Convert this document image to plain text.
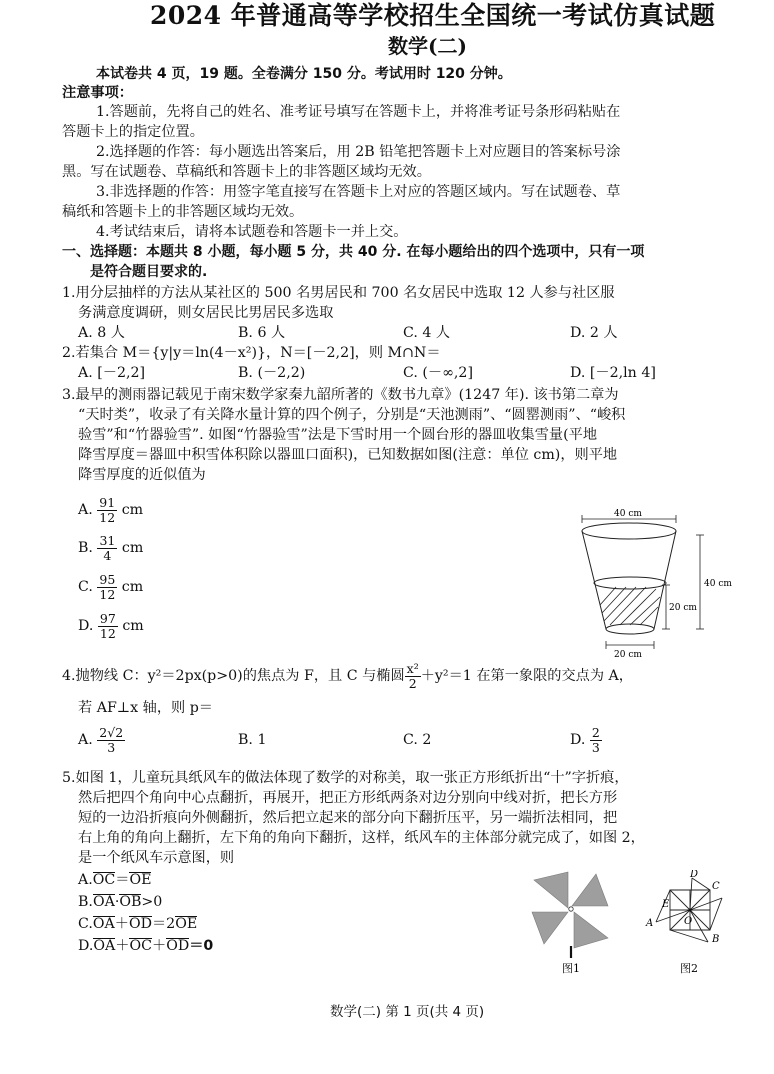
2024 年普通高等学校招生全国统一考试仿真试题
数学(二)
本试卷共 4 页，19 题。全卷满分 150 分。考试用时 120 分钟。
注意事项：
1.答题前，先将自己的姓名、准考证号填写在答题卡上，并将准考证号条形码粘贴在
答题卡上的指定位置。
2.选择题的作答：每小题选出答案后，用 2B 铅笔把答题卡上对应题目的答案标号涂
黑。写在试题卷、草稿纸和答题卡上的非答题区域均无效。
3.非选择题的作答：用签字笔直接写在答题卡上对应的答题区域内。写在试题卷、草
稿纸和答题卡上的非答题区域均无效。
4.考试结束后，请将本试题卷和答题卡一并上交。
一、选择题：本题共 8 小题，每小题 5 分，共 40 分. 在每小题给出的四个选项中，只有一项
是符合题目要求的.
1.用分层抽样的方法从某社区的 500 名男居民和 700 名女居民中选取 12 人参与社区服
务满意度调研，则女居民比男居民多选取
A. 8 人	B. 6 人	C. 4 人	D. 2 人
2.若集合 M＝{y|y＝ln(4－x²)}，N＝[－2,2]，则 M∩N＝
A. [－2,2]	B. (－2,2)	C. (－∞,2]	D. [－2,ln 4]
3.最早的测雨器记载见于南宋数学家秦九韶所著的《数书九章》(1247 年). 该书第二章为
“天时类”，收录了有关降水量计算的四个例子，分别是“天池测雨”、“圆罂测雨”、“峻积
验雪”和“竹器验雪”. 如图“竹器验雪”法是下雪时用一个圆台形的器皿收集雪量(平地
降雪厚度＝器皿中积雪体积除以器皿口面积)，已知数据如图(注意：单位 cm)，则平地
降雪厚度的近似值为
A. $\frac{91}{12}$ cm
B. $\frac{31}{4}$ cm
C. $\frac{95}{12}$ cm
D. $\frac{97}{12}$ cm
40 cm
20 cm
20 cm
40 cm
4.抛物线 C：y²＝2px(p>0)的焦点为 F，且 C 与椭圆 $\frac{\text{x²}}{2} +y^2=1$ 在第一象限的交点为 A，
若 AF⊥x 轴，则 p＝
A. $\frac{2√2}{3}$	B. 1	C. 2	D. $\frac{2}{3}$
5.如图 1，儿童玩具纸风车的做法体现了数学的对称美，取一张正方形纸折出“十”字折痕，
然后把四个角向中心点翻折，再展开，把正方形纸两条对边分别向中线对折，把长方形
短的一边沿折痕向外侧翻折，然后把立起来的部分向下翻折压平，另一端折法相同，把
右上角的角向上翻折，左下角的角向下翻折，这样，纸风车的主体部分就完成了，如图 2，
是一个纸风车示意图，则
A.OC＝OE
B.OA·OB>0
C.OA＋OD＝2OE
D.OA＋OC＋OD＝0
图1
D
C
E
A	O
B
图2
数学(二) 第 1 页(共 4 页)
